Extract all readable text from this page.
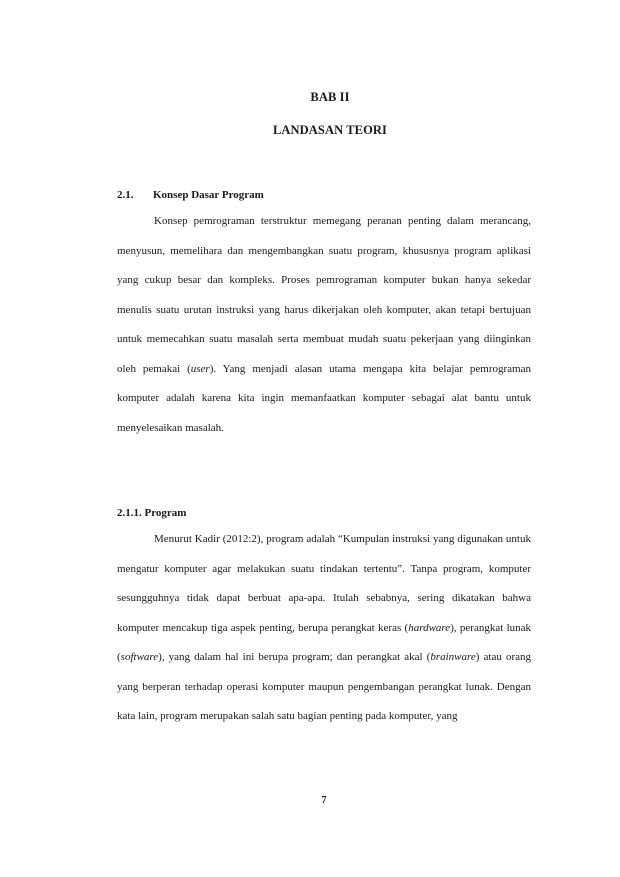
BAB II
LANDASAN TEORI
2.1. Konsep Dasar Program

Konsep pemrograman terstruktur memegang peranan penting dalam merancang, menyusun, memelihara dan mengembangkan suatu program, khususnya program aplikasi yang cukup besar dan kompleks. Proses pemrograman komputer bukan hanya sekedar menulis suatu urutan instruksi yang harus dikerjakan oleh komputer, akan tetapi bertujuan untuk memecahkan suatu masalah serta membuat mudah suatu pekerjaan yang diinginkan oleh pemakai (user). Yang menjadi alasan utama mengapa kita belajar pemrograman komputer adalah karena kita ingin memanfaatkan komputer sebagai alat bantu untuk menyelesaikan masalah.

2.1.1. Program

Menurut Kadir (2012:2), program adalah “Kumpulan instruksi yang digunakan untuk mengatur komputer agar melakukan suatu tindakan tertentu”. Tanpa program, komputer sesungguhnya tidak dapat berbuat apa-apa. Itulah sebabnya, sering dikatakan bahwa komputer mencakup tiga aspek penting, berupa perangkat keras (hardware), perangkat lunak (software), yang dalam hal ini berupa program; dan perangkat akal (brainware) atau orang yang berperan terhadap operasi komputer maupun pengembangan perangkat lunak. Dengan kata lain, program merupakan salah satu bagian penting pada komputer, yang

7
